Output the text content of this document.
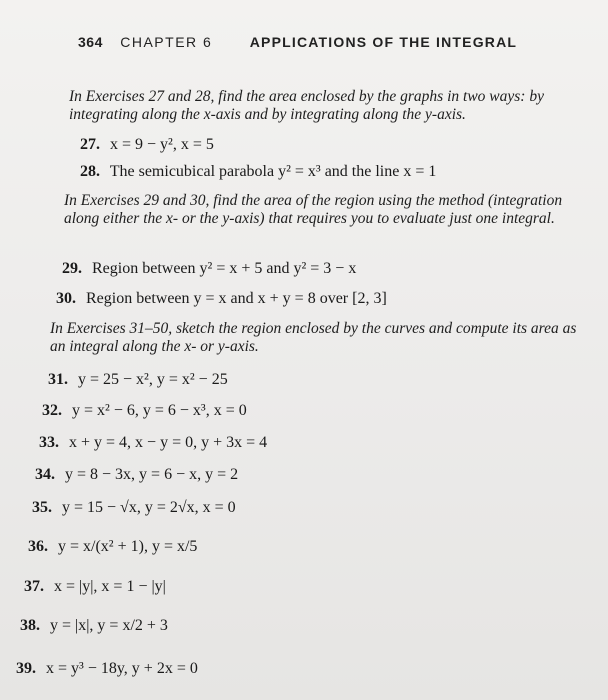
364 CHAPTER 6	APPLICATIONS OF THE INTEGRAL
In Exercises 27 and 28, find the area enclosed by the graphs in two ways: by integrating along the x-axis and by integrating along the y-axis.
27. x = 9 − y², x = 5
28. The semicubical parabola y² = x³ and the line x = 1
In Exercises 29 and 30, find the area of the region using the method (integration along either the x- or the y-axis) that requires you to evaluate just one integral.
29. Region between y² = x + 5 and y² = 3 − x
30. Region between y = x and x + y = 8 over [2, 3]
In Exercises 31–50, sketch the region enclosed by the curves and compute its area as an integral along the x- or y-axis.
31. y = 25 − x², y = x² − 25
32. y = x² − 6, y = 6 − x³, x = 0
33. x + y = 4, x − y = 0, y + 3x = 4
34. y = 8 − 3x, y = 6 − x, y = 2
35. y = 15 − √x, y = 2√x, x = 0
36. y = x/(x² + 1), y = x/5
37. x = |y|, x = 1 − |y|
38. y = |x|, y = x/2 + 3
39. x = y³ − 18y, y + 2x = 0
